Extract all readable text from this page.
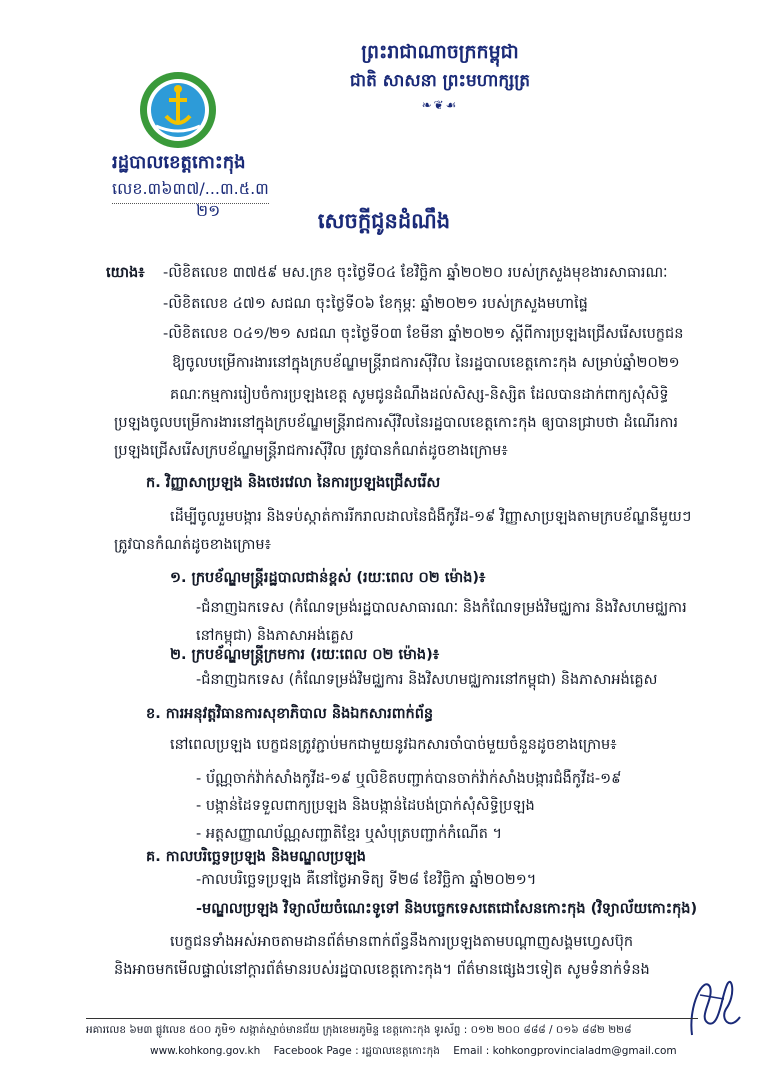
ព្រះរាជាណាចក្រកម្ពុជា
ជាតិ សាសនា ព្រះមហាក្សត្រ
❧❦☙
រដ្ឋបាលខេត្តកោះកុង
លេខ.៣៦៣៧/...៣.៥.៣
២១	សេចក្តីជូនដំណឹង
យោង៖ -លិខិតលេខ ៣៧៥៩ មស.ក្រខ ចុះថ្ងៃទី០៤ ខែវិច្ឆិកា ឆ្នាំ២០២០ របស់ក្រសួងមុខងារសាធារណៈ
-លិខិតលេខ ៤៧១ សជណ ចុះថ្ងៃទី០៦ ខែកុម្ភៈ ឆ្នាំ២០២១ របស់ក្រសួងមហាផ្ទៃ
-លិខិតលេខ ០៤១/២១ សជណ ចុះថ្ងៃទី០៣ ខែមីនា ឆ្នាំ២០២១ ស្តីពីការប្រឡងជ្រើសរើសបេក្ខជន
ឱ្យចូលបម្រើការងារនៅក្នុងក្របខ័ណ្ឌមន្ត្រីរាជការស៊ីវិល នៃរដ្ឋបាលខេត្តកោះកុង សម្រាប់ឆ្នាំ២០២១
គណៈកម្មការរៀបចំការប្រឡងខេត្ត សូមជូនដំណឹងដល់សិស្ស-និស្សិត ដែលបានដាក់ពាក្យសុំសិទ្ធិ
ប្រឡងចូលបម្រើការងារនៅក្នុងក្របខ័ណ្ឌមន្ត្រីរាជការស៊ីវិលនៃរដ្ឋបាលខេត្តកោះកុង ឲ្យបានជ្រាបថា ដំណើរការ
ប្រឡងជ្រើសរើសក្របខ័ណ្ឌមន្ត្រីរាជការស៊ីវិល ត្រូវបានកំណត់ដូចខាងក្រោម៖
ក. វិញ្ញាសាប្រឡង និងថេរវេលា នៃការប្រឡងជ្រើសរើស
ដើម្បីចូលរួមបង្ការ និងទប់ស្កាត់ការរីករាលដាលនៃជំងឺកូវីដ-១៩ វិញ្ញាសាប្រឡងតាមក្របខ័ណ្ឌនីមួយៗ
ត្រូវបានកំណត់ដូចខាងក្រោម៖
១. ក្របខ័ណ្ឌមន្ត្រីរដ្ឋបាលជាន់ខ្ពស់ (រយៈពេល ០២ ម៉ោង)៖
-ជំនាញឯកទេស (កំណែទម្រង់រដ្ឋបាលសាធារណៈ និងកំណែទម្រង់វិមជ្ឈការ និងវិសហមជ្ឈការ
នៅកម្ពុជា) និងភាសាអង់គ្លេស
២. ក្របខ័ណ្ឌមន្ត្រីក្រមការ (រយៈពេល ០២ ម៉ោង)៖
-ជំនាញឯកទេស (កំណែទម្រង់វិមជ្ឈការ និងវិសហមជ្ឈការនៅកម្ពុជា) និងភាសាអង់គ្លេស
ខ. ការអនុវត្តវិធានការសុខាភិបាល និងឯកសារពាក់ព័ន្ធ
នៅពេលប្រឡង បេក្ខជនត្រូវភ្ជាប់មកជាមួយនូវឯកសារចាំបាច់មួយចំនួនដូចខាងក្រោម៖
- ប័ណ្ណចាក់វ៉ាក់សាំងកូវីដ-១៩ ឬលិខិតបញ្ជាក់បានចាក់វ៉ាក់សាំងបង្ការជំងឺកូវីដ-១៩
- បង្កាន់ដៃទទួលពាក្យប្រឡង និងបង្កាន់ដៃបង់ប្រាក់សុំសិទ្ធិប្រឡង
- អត្តសញ្ញាណប័ណ្ណសញ្ជាតិខ្មែរ ឬសំបុត្របញ្ជាក់កំណើត ។
គ. កាលបរិច្ឆេទប្រឡង និងមណ្ឌលប្រឡង
-កាលបរិច្ឆេទប្រឡង គឺនៅថ្ងៃអាទិត្យ ទី២៨ ខែវិច្ឆិកា ឆ្នាំ២០២១។
-មណ្ឌលប្រឡង វិទ្យាល័យចំណេះទូទៅ និងបច្ចេកទេសតេជោសែនកោះកុង (វិទ្យាល័យកោះកុង)
បេក្ខជនទាំងអស់អាចតាមដានព័ត៌មានពាក់ព័ន្ធនឹងការប្រឡងតាមបណ្តាញសង្គមហ្វេសប៊ុក
និងអាចមកមើលផ្ទាល់នៅក្តារព័ត៌មានរបស់រដ្ឋបាលខេត្តកោះកុង។ ព័ត៌មានផ្សេងៗទៀត សូមទំនាក់ទំនង
អគារលេខ ៦ម៣ ផ្លូវលេខ ៥០០ ភូមិ១ សង្កាត់ស្មាច់មានជ័យ ក្រុងខេមរភូមិន្ទ ខេត្តកោះកុង ទូរស័ព្ទ : ០១២ ២០០ ៨៨៨ / ០១៦ ៨៨២ ២២៨
www.kohkong.gov.kh Facebook Page : រដ្ឋបាលខេត្តកោះកុង Email : kohkongprovincialadm@gmail.com
